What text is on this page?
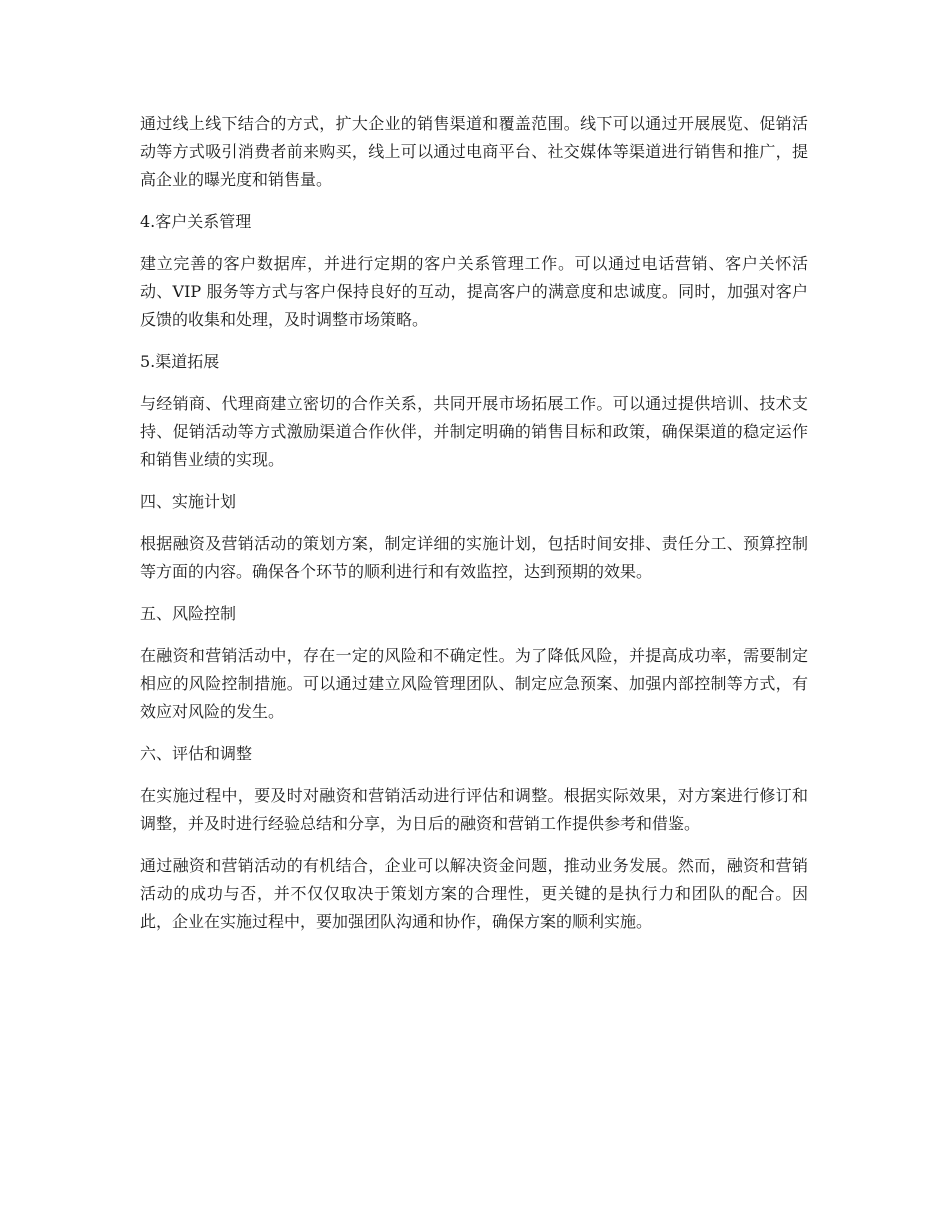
通过线上线下结合的方式，扩大企业的销售渠道和覆盖范围。线下可以通过开展展览、促销活动等方式吸引消费者前来购买，线上可以通过电商平台、社交媒体等渠道进行销售和推广，提高企业的曝光度和销售量。

4.客户关系管理

建立完善的客户数据库，并进行定期的客户关系管理工作。可以通过电话营销、客户关怀活动、VIP 服务等方式与客户保持良好的互动，提高客户的满意度和忠诚度。同时，加强对客户反馈的收集和处理，及时调整市场策略。

5.渠道拓展

与经销商、代理商建立密切的合作关系，共同开展市场拓展工作。可以通过提供培训、技术支持、促销活动等方式激励渠道合作伙伴，并制定明确的销售目标和政策，确保渠道的稳定运作和销售业绩的实现。

四、实施计划

根据融资及营销活动的策划方案，制定详细的实施计划，包括时间安排、责任分工、预算控制等方面的内容。确保各个环节的顺利进行和有效监控，达到预期的效果。

五、风险控制

在融资和营销活动中，存在一定的风险和不确定性。为了降低风险，并提高成功率，需要制定相应的风险控制措施。可以通过建立风险管理团队、制定应急预案、加强内部控制等方式，有效应对风险的发生。

六、评估和调整

在实施过程中，要及时对融资和营销活动进行评估和调整。根据实际效果，对方案进行修订和调整，并及时进行经验总结和分享，为日后的融资和营销工作提供参考和借鉴。

通过融资和营销活动的有机结合，企业可以解决资金问题，推动业务发展。然而，融资和营销活动的成功与否，并不仅仅取决于策划方案的合理性，更关键的是执行力和团队的配合。因此，企业在实施过程中，要加强团队沟通和协作，确保方案的顺利实施。
